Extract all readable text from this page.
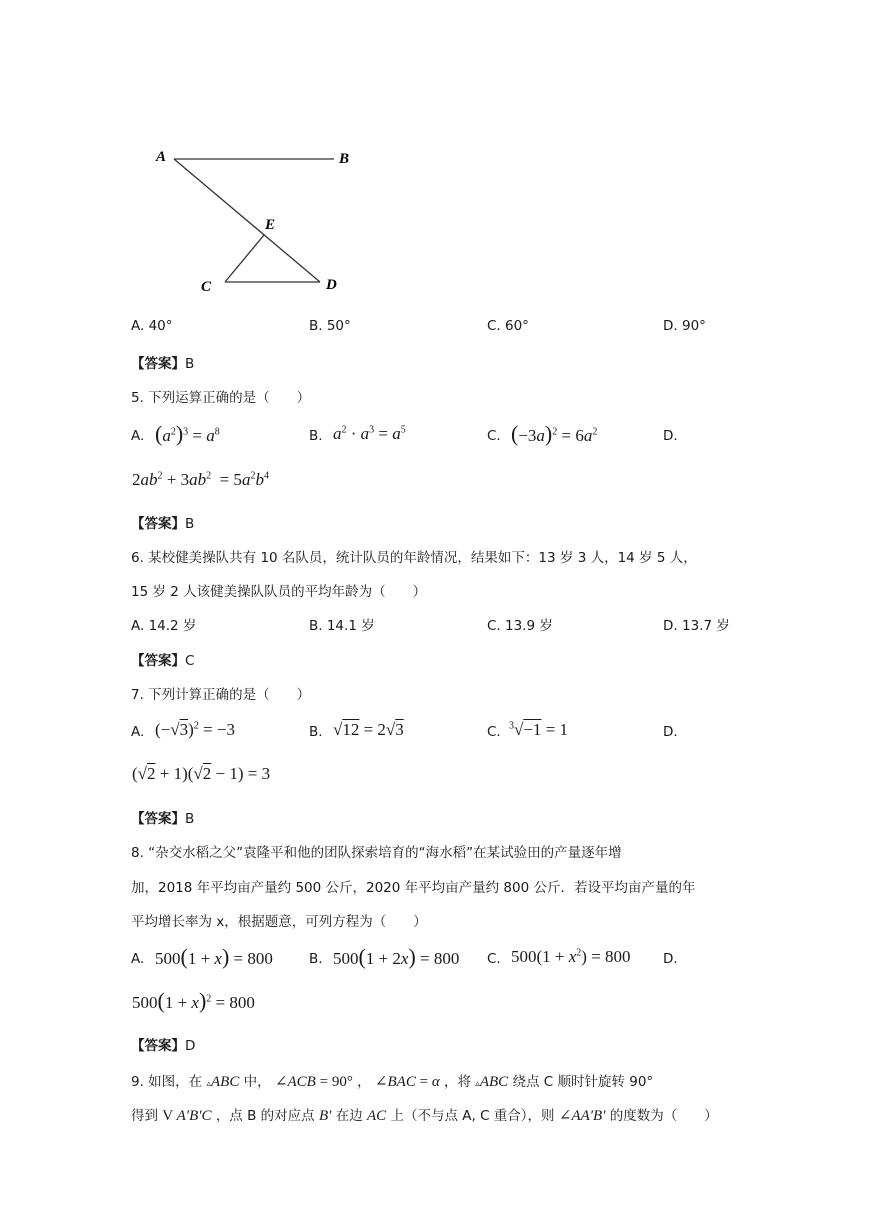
A	B
E
C	D
A. 40°	B. 50°	C. 60°	D. 90°
【答案】B
5. 下列运算正确的是（　　）
A. $(a^2)^3 = a^8$	B. $a^2 \cdot a^3 = a^5$	C. $(-3a)^2 = 6a^2$	D.
$2ab^2 + 3ab^2 = 5a^2b^4$
【答案】B
6. 某校健美操队共有 10 名队员，统计队员的年龄情况，结果如下：13 岁 3 人，14 岁 5 人，
15 岁 2 人该健美操队队员的平均年龄为（　　）
A. 14.2 岁	B. 14.1 岁	C. 13.9 岁	D. 13.7 岁
【答案】C
7. 下列计算正确的是（　　）
A. $(-√3)^2 = -3$	B. √12 = 2√3	C. $^3$√−1 = 1	D.
(√2 + 1)(√2 − 1) = 3
【答案】B
8. “杂交水稻之父”袁隆平和他的团队探索培育的“海水稻”在某试验田的产量逐年增
加，2018 年平均亩产量约 500 公斤，2020 年平均亩产量约 800 公斤．若设平均亩产量的年
平均增长率为 x，根据题意，可列方程为（　　）
A. 500(1 + x) = 800	B. 500(1 + 2x) = 800 C. $500(1 + x^2) = 800$ D.
$500(1 + x)^2 = 800$
【答案】D
9. 如图，在 ▵ABC 中， ∠ACB = 90° ， ∠BAC = α ，将 ▵ABC 绕点 C 顺时针旋转 90°
得到 V A′B′C ，点 B 的对应点 B′ 在边 AC 上（不与点 A, C 重合），则 ∠AA′B′ 的度数为（　　）
